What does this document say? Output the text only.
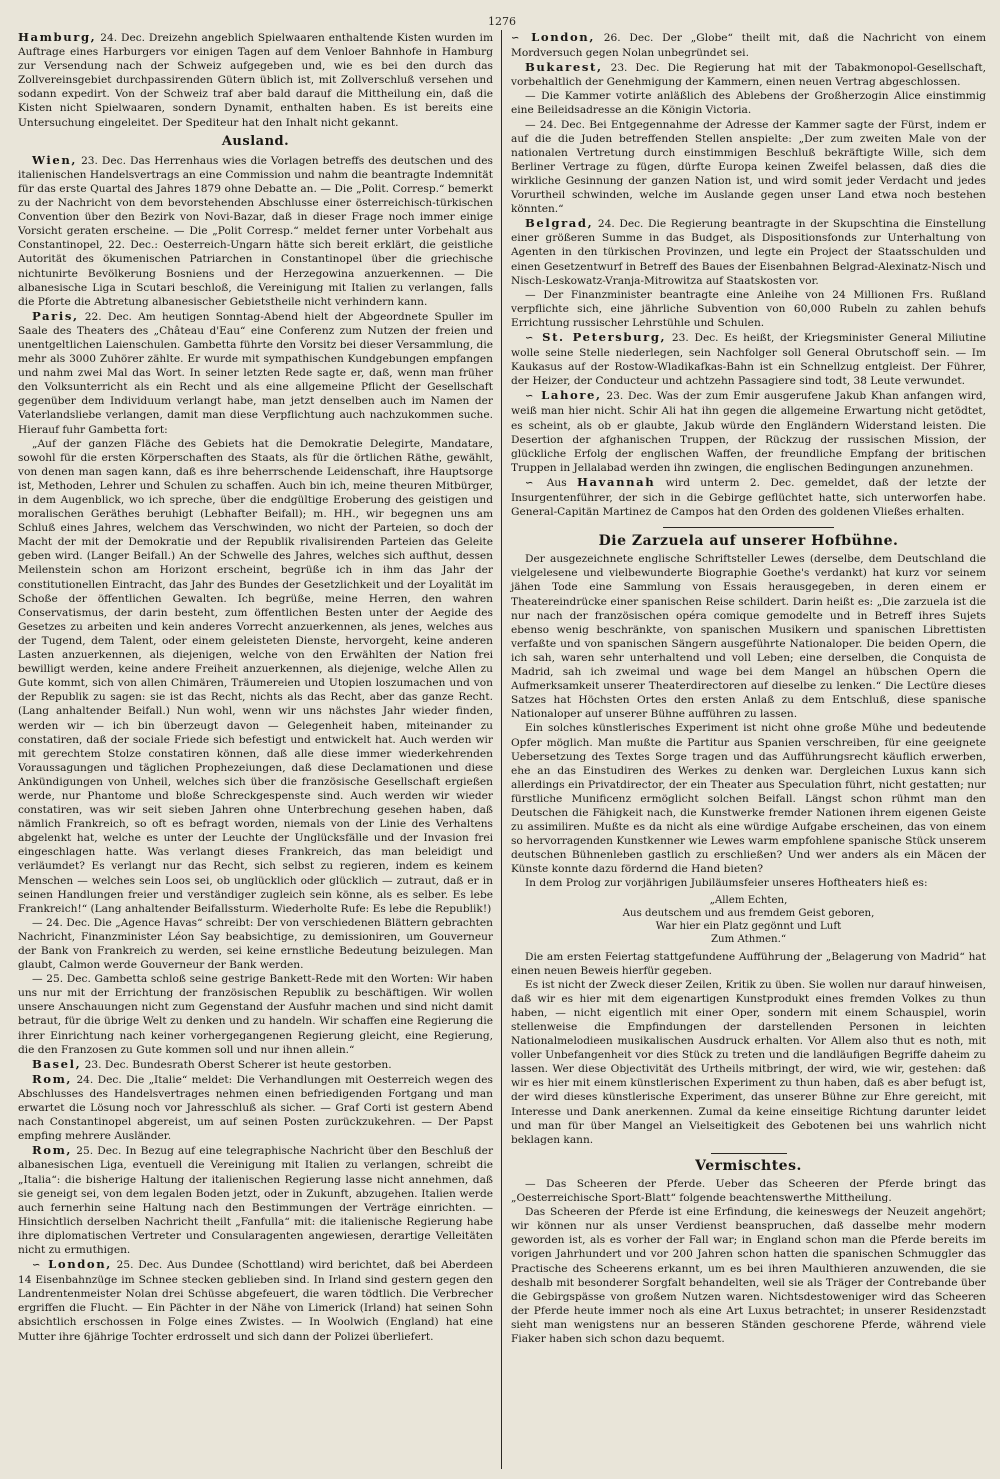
1276

Hamburg, 24. Dec. Dreizehn angeblich Spielwaaren enthaltende Kisten wurden im Auftrage eines Harburgers vor einigen Tagen auf dem Venloer Bahnhofe in Hamburg zur Versendung nach der Schweiz aufgegeben und, wie es bei den durch das Zollvereinsgebiet durchpassirenden Gütern üblich ist, mit Zollverschluß versehen und sodann expedirt. Von der Schweiz traf aber bald darauf die Mittheilung ein, daß die Kisten nicht Spielwaaren, sondern Dynamit, enthalten haben. Es ist bereits eine Untersuchung eingeleitet. Der Spediteur hat den Inhalt nicht gekannt.

Ausland.

Wien, 23. Dec. Das Herrenhaus wies die Vorlagen betreffs des deutschen und des italienischen Handelsvertrags an eine Commission und nahm die beantragte Indemnität für das erste Quartal des Jahres 1879 ohne Debatte an. — Die „Polit. Corresp.“ bemerkt zu der Nachricht von dem bevorstehenden Abschlusse einer österreichisch-türkischen Convention über den Bezirk von Novi-Bazar, daß in dieser Frage noch immer einige Vorsicht geraten erscheine. — Die „Polit Corresp.“ meldet ferner unter Vorbehalt aus Constantinopel, 22. Dec.: Oesterreich-Ungarn hätte sich bereit erklärt, die geistliche Autorität des ökumenischen Patriarchen in Constantinopel über die griechische nichtunirte Bevölkerung Bosniens und der Herzegowina anzuerkennen. — Die albanesische Liga in Scutari beschloß, die Vereinigung mit Italien zu verlangen, falls die Pforte die Abtretung albanesischer Gebietstheile nicht verhindern kann.

Paris, 22. Dec. Am heutigen Sonntag-Abend hielt der Abgeordnete Spuller im Saale des Theaters des „Château d'Eau“ eine Conferenz zum Nutzen der freien und unentgeltlichen Laienschulen. Gambetta führte den Vorsitz bei dieser Versammlung, die mehr als 3000 Zuhörer zählte. Er wurde mit sympathischen Kundgebungen empfangen und nahm zwei Mal das Wort. In seiner letzten Rede sagte er, daß, wenn man früher den Volksunterricht als ein Recht und als eine allgemeine Pflicht der Gesellschaft gegenüber dem Individuum verlangt habe, man jetzt denselben auch im Namen der Vaterlandsliebe verlangen, damit man diese Verpflichtung auch nachzukommen suche. Hierauf fuhr Gambetta fort:

„Auf der ganzen Fläche des Gebiets hat die Demokratie Delegirte, Mandatare, sowohl für die ersten Körperschaften des Staats, als für die örtlichen Räthe, gewählt, von denen man sagen kann, daß es ihre beherrschende Leidenschaft, ihre Hauptsorge ist, Methoden, Lehrer und Schulen zu schaffen. Auch bin ich, meine theuren Mitbürger, in dem Augenblick, wo ich spreche, über die endgültige Eroberung des geistigen und moralischen Geräthes beruhigt (Lebhafter Beifall); m. HH., wir begegnen uns am Schluß eines Jahres, welchem das Verschwinden, wo nicht der Parteien, so doch der Macht der mit der Demokratie und der Republik rivalisirenden Parteien das Geleite geben wird. (Langer Beifall.) An der Schwelle des Jahres, welches sich aufthut, dessen Meilenstein schon am Horizont erscheint, begrüße ich in ihm das Jahr der constitutionellen Eintracht, das Jahr des Bundes der Gesetzlichkeit und der Loyalität im Schoße der öffentlichen Gewalten. Ich begrüße, meine Herren, den wahren Conservatismus, der darin besteht, zum öffentlichen Besten unter der Aegide des Gesetzes zu arbeiten und kein anderes Vorrecht anzuerkennen, als jenes, welches aus der Tugend, dem Talent, oder einem geleisteten Dienste, hervorgeht, keine anderen Lasten anzuerkennen, als diejenigen, welche von den Erwählten der Nation frei bewilligt werden, keine andere Freiheit anzuerkennen, als diejenige, welche Allen zu Gute kommt, sich von allen Chimären, Träumereien und Utopien loszumachen und von der Republik zu sagen: sie ist das Recht, nichts als das Recht, aber das ganze Recht. (Lang anhaltender Beifall.) Nun wohl, wenn wir uns nächstes Jahr wieder finden, werden wir — ich bin überzeugt davon — Gelegenheit haben, miteinander zu constatiren, daß der sociale Friede sich befestigt und entwickelt hat. Auch werden wir mit gerechtem Stolze constatiren können, daß alle diese immer wiederkehrenden Voraussagungen und täglichen Prophezeiungen, daß diese Declamationen und diese Ankündigungen von Unheil, welches sich über die französische Gesellschaft ergießen werde, nur Phantome und bloße Schreckgespenste sind. Auch werden wir wieder constatiren, was wir seit sieben Jahren ohne Unterbrechung gesehen haben, daß nämlich Frankreich, so oft es befragt worden, niemals von der Linie des Verhaltens abgelenkt hat, welche es unter der Leuchte der Unglücksfälle und der Invasion frei eingeschlagen hatte. Was verlangt dieses Frankreich, das man beleidigt und verläumdet? Es verlangt nur das Recht, sich selbst zu regieren, indem es keinem Menschen — welches sein Loos sei, ob unglücklich oder glücklich — zutraut, daß er in seinen Handlungen freier und verständiger zugleich sein könne, als es selber. Es lebe Frankreich!“ (Lang anhaltender Beifallssturm. Wiederholte Rufe: Es lebe die Republik!)

— 24. Dec. Die „Agence Havas“ schreibt: Der von verschiedenen Blättern gebrachten Nachricht, Finanzminister Léon Say beabsichtige, zu demissioniren, um Gouverneur der Bank von Frankreich zu werden, sei keine ernstliche Bedeutung beizulegen. Man glaubt, Calmon werde Gouverneur der Bank werden.

— 25. Dec. Gambetta schloß seine gestrige Bankett-Rede mit den Worten: Wir haben uns nur mit der Errichtung der französischen Republik zu beschäftigen. Wir wollen unsere Anschauungen nicht zum Gegenstand der Ausfuhr machen und sind nicht damit betraut, für die übrige Welt zu denken und zu handeln. Wir schaffen eine Regierung die ihrer Einrichtung nach keiner vorhergegangenen Regierung gleicht, eine Regierung, die den Franzosen zu Gute kommen soll und nur ihnen allein.“

Basel, 23. Dec. Bundesrath Oberst Scherer ist heute gestorben.

Rom, 24. Dec. Die „Italie“ meldet: Die Verhandlungen mit Oesterreich wegen des Abschlusses des Handelsvertrages nehmen einen befriedigenden Fortgang und man erwartet die Lösung noch vor Jahresschluß als sicher. — Graf Corti ist gestern Abend nach Constantinopel abgereist, um auf seinen Posten zurückzukehren. — Der Papst empfing mehrere Ausländer.

Rom, 25. Dec. In Bezug auf eine telegraphische Nachricht über den Beschluß der albanesischen Liga, eventuell die Vereinigung mit Italien zu verlangen, schreibt die „Italia“: die bisherige Haltung der italienischen Regierung lasse nicht annehmen, daß sie geneigt sei, von dem legalen Boden jetzt, oder in Zukunft, abzugehen. Italien werde auch fernerhin seine Haltung nach den Bestimmungen der Verträge einrichten. — Hinsichtlich derselben Nachricht theilt „Fanfulla“ mit: die italienische Regierung habe ihre diplomatischen Vertreter und Consularagenten angewiesen, derartige Velleitäten nicht zu ermuthigen.

∽ London, 25. Dec. Aus Dundee (Schottland) wird berichtet, daß bei Aberdeen 14 Eisenbahnzüge im Schnee stecken geblieben sind. In Irland sind gestern gegen den Landrentenmeister Nolan drei Schüsse abgefeuert, die waren tödtlich. Die Verbrecher ergriffen die Flucht. — Ein Pächter in der Nähe von Limerick (Irland) hat seinen Sohn absichtlich erschossen in Folge eines Zwistes. — In Woolwich (England) hat eine Mutter ihre 6jährige Tochter erdrosselt und sich dann der Polizei überliefert.

∽ London, 26. Dec. Der „Globe“ theilt mit, daß die Nachricht von einem Mordversuch gegen Nolan unbegründet sei.

Bukarest, 23. Dec. Die Regierung hat mit der Tabakmonopol-Gesellschaft, vorbehaltlich der Genehmigung der Kammern, einen neuen Vertrag abgeschlossen.

— Die Kammer votirte anläßlich des Ablebens der Großherzogin Alice einstimmig eine Beileidsadresse an die Königin Victoria.

— 24. Dec. Bei Entgegennahme der Adresse der Kammer sagte der Fürst, indem er auf die die Juden betreffenden Stellen anspielte: „Der zum zweiten Male von der nationalen Vertretung durch einstimmigen Beschluß bekräftigte Wille, sich dem Berliner Vertrage zu fügen, dürfte Europa keinen Zweifel belassen, daß dies die wirkliche Gesinnung der ganzen Nation ist, und wird somit jeder Verdacht und jedes Vorurtheil schwinden, welche im Auslande gegen unser Land etwa noch bestehen könnten.“

Belgrad, 24. Dec. Die Regierung beantragte in der Skupschtina die Einstellung einer größeren Summe in das Budget, als Dispositionsfonds zur Unterhaltung von Agenten in den türkischen Provinzen, und legte ein Project der Staatsschulden und einen Gesetzentwurf in Betreff des Baues der Eisenbahnen Belgrad-Alexinatz-Nisch und Nisch-Leskowatz-Vranja-Mitrowitza auf Staatskosten vor.

— Der Finanzminister beantragte eine Anleihe von 24 Millionen Frs. Rußland verpflichte sich, eine jährliche Subvention von 60,000 Rubeln zu zahlen behufs Errichtung russischer Lehrstühle und Schulen.

∽ St. Petersburg, 23. Dec. Es heißt, der Kriegsminister General Miliutine wolle seine Stelle niederlegen, sein Nachfolger soll General Obrutschoff sein. — Im Kaukasus auf der Rostow-Wladikafkas-Bahn ist ein Schnellzug entgleist. Der Führer, der Heizer, der Conducteur und achtzehn Passagiere sind todt, 38 Leute verwundet.

∽ Lahore, 23. Dec. Was der zum Emir ausgerufene Jakub Khan anfangen wird, weiß man hier nicht. Schir Ali hat ihn gegen die allgemeine Erwartung nicht getödtet, es scheint, als ob er glaubte, Jakub würde den Engländern Widerstand leisten. Die Desertion der afghanischen Truppen, der Rückzug der russischen Mission, der glückliche Erfolg der englischen Waffen, der freundliche Empfang der britischen Truppen in Jellalabad werden ihn zwingen, die englischen Bedingungen anzunehmen.

∽ Aus Havannah wird unterm 2. Dec. gemeldet, daß der letzte der Insurgentenführer, der sich in die Gebirge geflüchtet hatte, sich unterworfen habe. General-Capitän Martinez de Campos hat den Orden des goldenen Vließes erhalten.

Die Zarzuela auf unserer Hofbühne.

Der ausgezeichnete englische Schriftsteller Lewes (derselbe, dem Deutschland die vielgelesene und vielbewunderte Biographie Goethe's verdankt) hat kurz vor seinem jähen Tode eine Sammlung von Essais herausgegeben, in deren einem er Theatereindrücke einer spanischen Reise schildert. Darin heißt es: „Die zarzuela ist die nur nach der französischen opéra comique gemodelte und in Betreff ihres Sujets ebenso wenig beschränkte, von spanischen Musikern und spanischen Librettisten verfaßte und von spanischen Sängern ausgeführte Nationaloper. Die beiden Opern, die ich sah, waren sehr unterhaltend und voll Leben; eine derselben, die Conquista de Madrid, sah ich zweimal und wage bei dem Mangel an hübschen Opern die Aufmerksamkeit unserer Theaterdirectoren auf dieselbe zu lenken.“ Die Lectüre dieses Satzes hat Höchsten Ortes den ersten Anlaß zu dem Entschluß, diese spanische Nationaloper auf unserer Bühne aufführen zu lassen.

Ein solches künstlerisches Experiment ist nicht ohne große Mühe und bedeutende Opfer möglich. Man mußte die Partitur aus Spanien verschreiben, für eine geeignete Uebersetzung des Textes Sorge tragen und das Aufführungsrecht käuflich erwerben, ehe an das Einstudiren des Werkes zu denken war. Dergleichen Luxus kann sich allerdings ein Privatdirector, der ein Theater aus Speculation führt, nicht gestatten; nur fürstliche Munificenz ermöglicht solchen Beifall. Längst schon rühmt man den Deutschen die Fähigkeit nach, die Kunstwerke fremder Nationen ihrem eigenen Geiste zu assimiliren. Mußte es da nicht als eine würdige Aufgabe erscheinen, das von einem so hervorragenden Kunstkenner wie Lewes warm empfohlene spanische Stück unserem deutschen Bühnenleben gastlich zu erschließen? Und wer anders als ein Mäcen der Künste konnte dazu fördernd die Hand bieten?

In dem Prolog zur vorjährigen Jubiläumsfeier unseres Hoftheaters hieß es:

„Allem Echten,
Aus deutschem und aus fremdem Geist geboren,
War hier ein Platz gegönnt und Luft
Zum Athmen.“

Die am ersten Feiertag stattgefundene Aufführung der „Belagerung von Madrid“ hat einen neuen Beweis hierfür gegeben.

Es ist nicht der Zweck dieser Zeilen, Kritik zu üben. Sie wollen nur darauf hinweisen, daß wir es hier mit dem eigenartigen Kunstprodukt eines fremden Volkes zu thun haben, — nicht eigentlich mit einer Oper, sondern mit einem Schauspiel, worin stellenweise die Empfindungen der darstellenden Personen in leichten Nationalmelodieen musikalischen Ausdruck erhalten. Vor Allem also thut es noth, mit voller Unbefangenheit vor dies Stück zu treten und die landläufigen Begriffe daheim zu lassen. Wer diese Objectivität des Urtheils mitbringt, der wird, wie wir, gestehen: daß wir es hier mit einem künstlerischen Experiment zu thun haben, daß es aber befugt ist, der wird dieses künstlerische Experiment, das unserer Bühne zur Ehre gereicht, mit Interesse und Dank anerkennen. Zumal da keine einseitige Richtung darunter leidet und man für über Mangel an Vielseitigkeit des Gebotenen bei uns wahrlich nicht beklagen kann.

Vermischtes.

— Das Scheeren der Pferde. Ueber das Scheeren der Pferde bringt das „Oesterreichische Sport-Blatt“ folgende beachtenswerthe Mittheilung.

Das Scheeren der Pferde ist eine Erfindung, die keineswegs der Neuzeit angehört; wir können nur als unser Verdienst beanspruchen, daß dasselbe mehr modern geworden ist, als es vorher der Fall war; in England schon man die Pferde bereits im vorigen Jahrhundert und vor 200 Jahren schon hatten die spanischen Schmuggler das Practische des Scheerens erkannt, um es bei ihren Maulthieren anzuwenden, die sie deshalb mit besonderer Sorgfalt behandelten, weil sie als Träger der Contrebande über die Gebirgspässe von großem Nutzen waren. Nichtsdestoweniger wird das Scheeren der Pferde heute immer noch als eine Art Luxus betrachtet; in unserer Residenzstadt sieht man wenigstens nur an besseren Ständen geschorene Pferde, während viele Fiaker haben sich schon dazu bequemt.
